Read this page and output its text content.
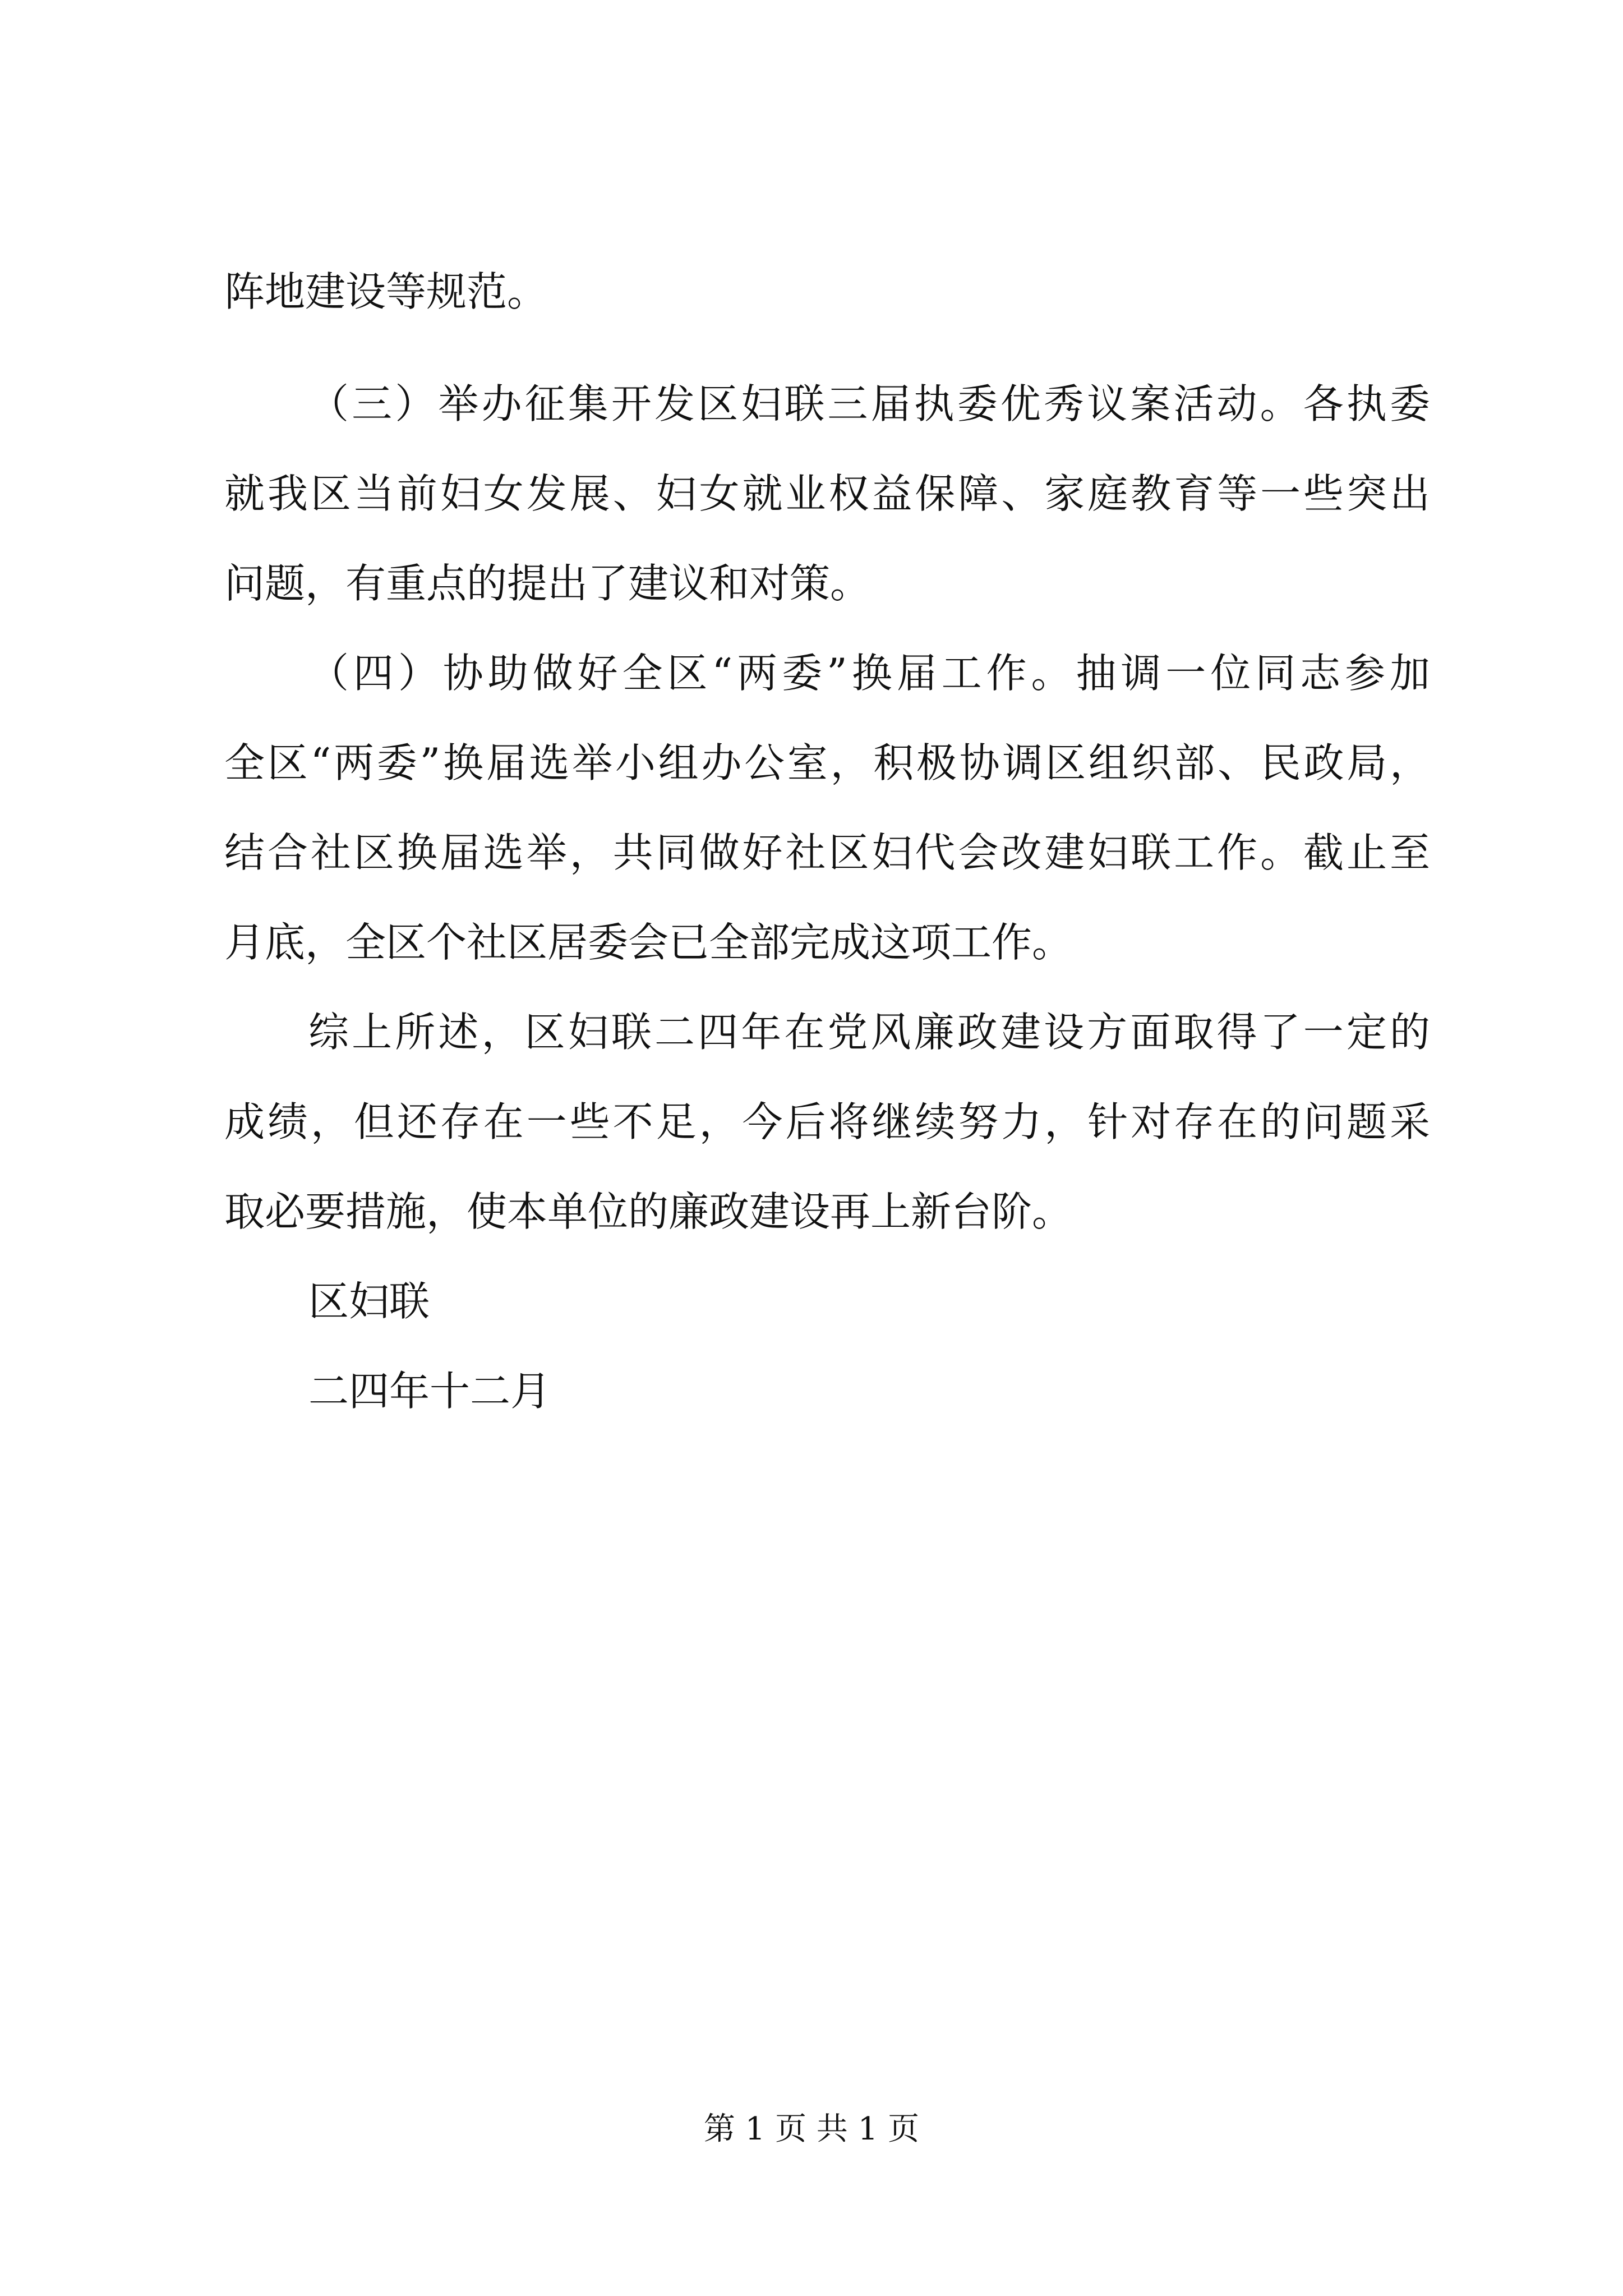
阵地建设等规范。
（三）举办征集开发区妇联三届执委优秀议案活动。各执委
就我区当前妇女发展、妇女就业权益保障、家庭教育等一些突出
问题，有重点的提出了建议和对策。
（四）协助做好全区“两委”换届工作。抽调一位同志参加
全区“两委”换届选举小组办公室，积极协调区组织部、民政局，
结合社区换届选举，共同做好社区妇代会改建妇联工作。截止至
月底，全区个社区居委会已全部完成这项工作。
综上所述，区妇联二四年在党风廉政建设方面取得了一定的
成绩，但还存在一些不足，今后将继续努力，针对存在的问题采
取必要措施，使本单位的廉政建设再上新台阶。
区妇联
二四年十二月
第 1 页 共 1 页
